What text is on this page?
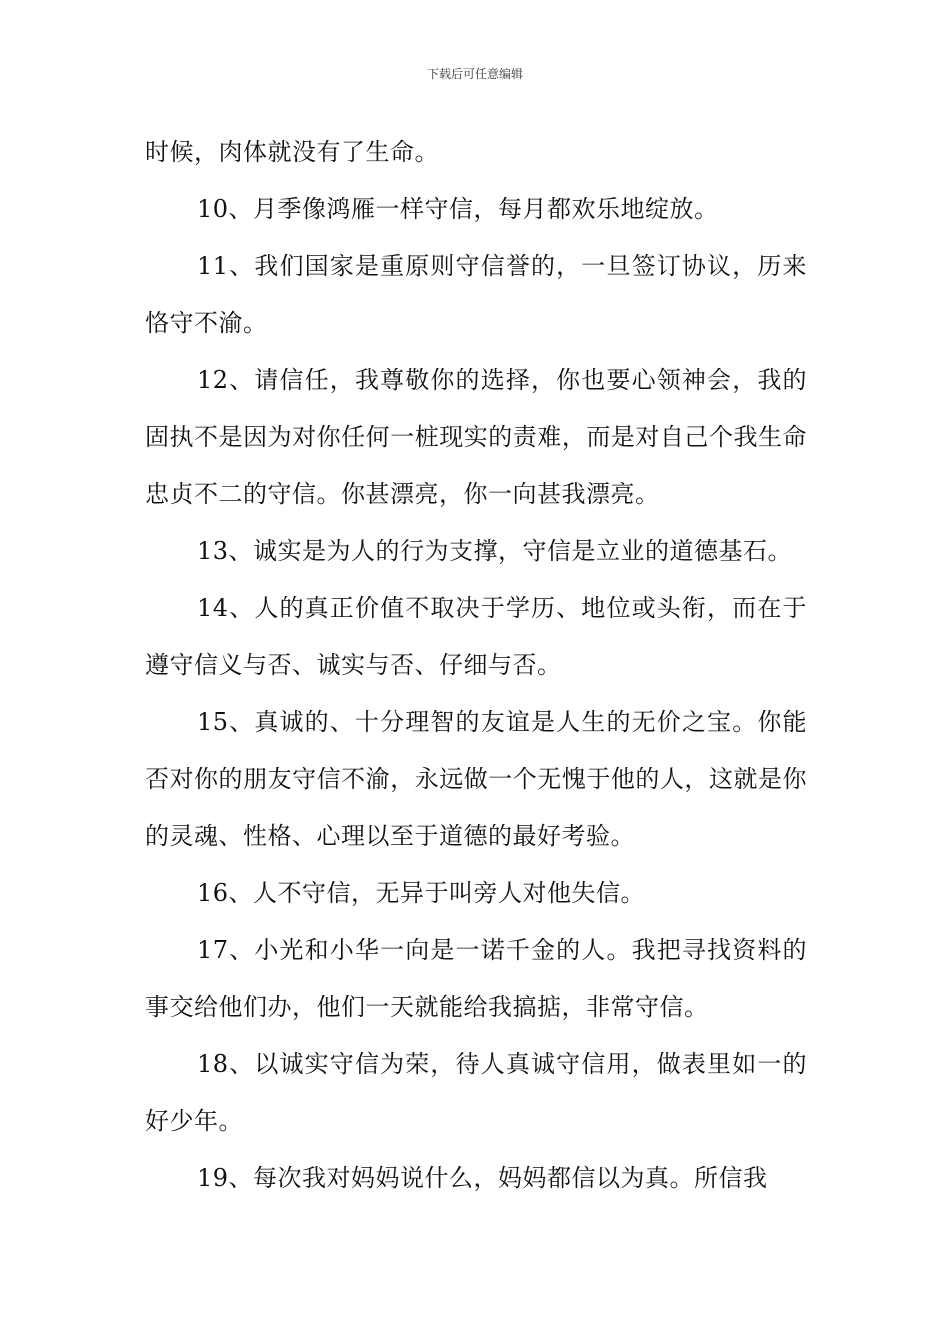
下载后可任意编辑

时候，肉体就没有了生命。

10、月季像鸿雁一样守信，每月都欢乐地绽放。

11、我们国家是重原则守信誉的，一旦签订协议，历来恪守不渝。

12、请信任，我尊敬你的选择，你也要心领神会，我的固执不是因为对你任何一桩现实的责难，而是对自己个我生命忠贞不二的守信。你甚漂亮，你一向甚我漂亮。

13、诚实是为人的行为支撑，守信是立业的道德基石。

14、人的真正价值不取决于学历、地位或头衔，而在于遵守信义与否、诚实与否、仔细与否。

15、真诚的、十分理智的友谊是人生的无价之宝。你能否对你的朋友守信不渝，永远做一个无愧于他的人，这就是你的灵魂、性格、心理以至于道德的最好考验。

16、人不守信，无异于叫旁人对他失信。

17、小光和小华一向是一诺千金的人。我把寻找资料的事交给他们办，他们一天就能给我搞掂，非常守信。

18、以诚实守信为荣，待人真诚守信用，做表里如一的好少年。

19、每次我对妈妈说什么，妈妈都信以为真。所信我
